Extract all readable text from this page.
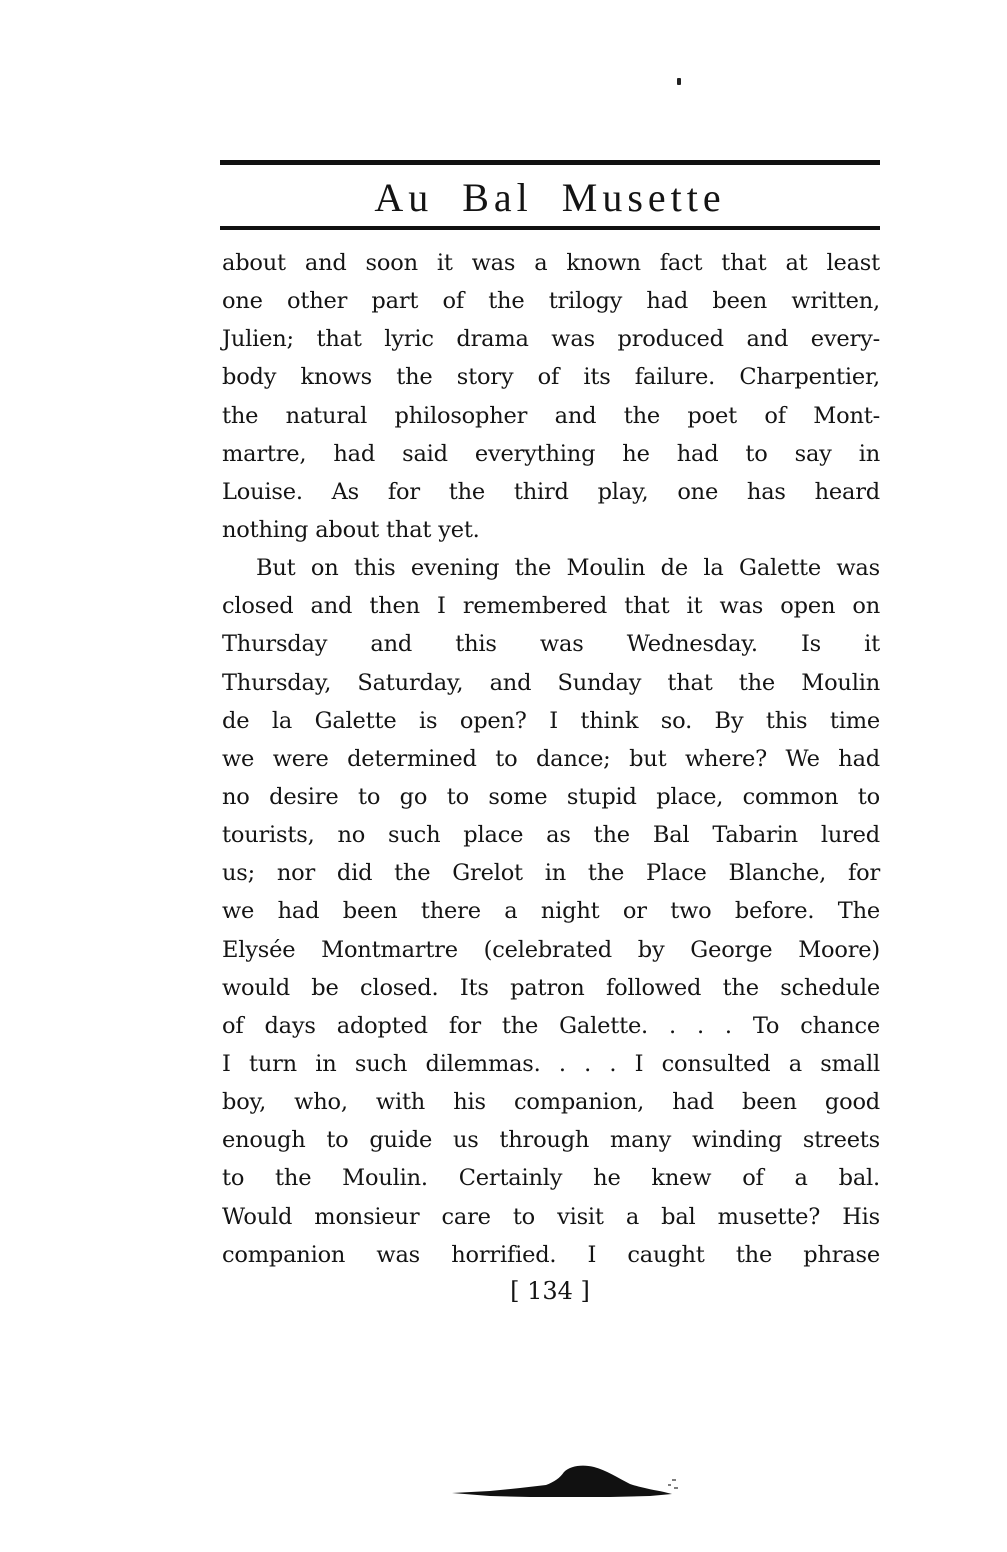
Au Bal Musette

about and soon it was a known fact that at least
one other part of the trilogy had been written,
Julien; that lyric drama was produced and every-
body knows the story of its failure. Charpentier,
the natural philosopher and the poet of Mont-
martre, had said everything he had to say in
Louise. As for the third play, one has heard
nothing about that yet.

But on this evening the Moulin de la Galette was
closed and then I remembered that it was open on
Thursday and this was Wednesday. Is it
Thursday, Saturday, and Sunday that the Moulin
de la Galette is open? I think so. By this time
we were determined to dance; but where? We had
no desire to go to some stupid place, common to
tourists, no such place as the Bal Tabarin lured
us; nor did the Grelot in the Place Blanche, for
we had been there a night or two before. The
Elysée Montmartre (celebrated by George Moore)
would be closed. Its patron followed the schedule
of days adopted for the Galette. . . . To chance
I turn in such dilemmas. . . . I consulted a small
boy, who, with his companion, had been good
enough to guide us through many winding streets
to the Moulin. Certainly he knew of a bal.
Would monsieur care to visit a bal musette? His
companion was horrified. I caught the phrase

[ 134 ]
